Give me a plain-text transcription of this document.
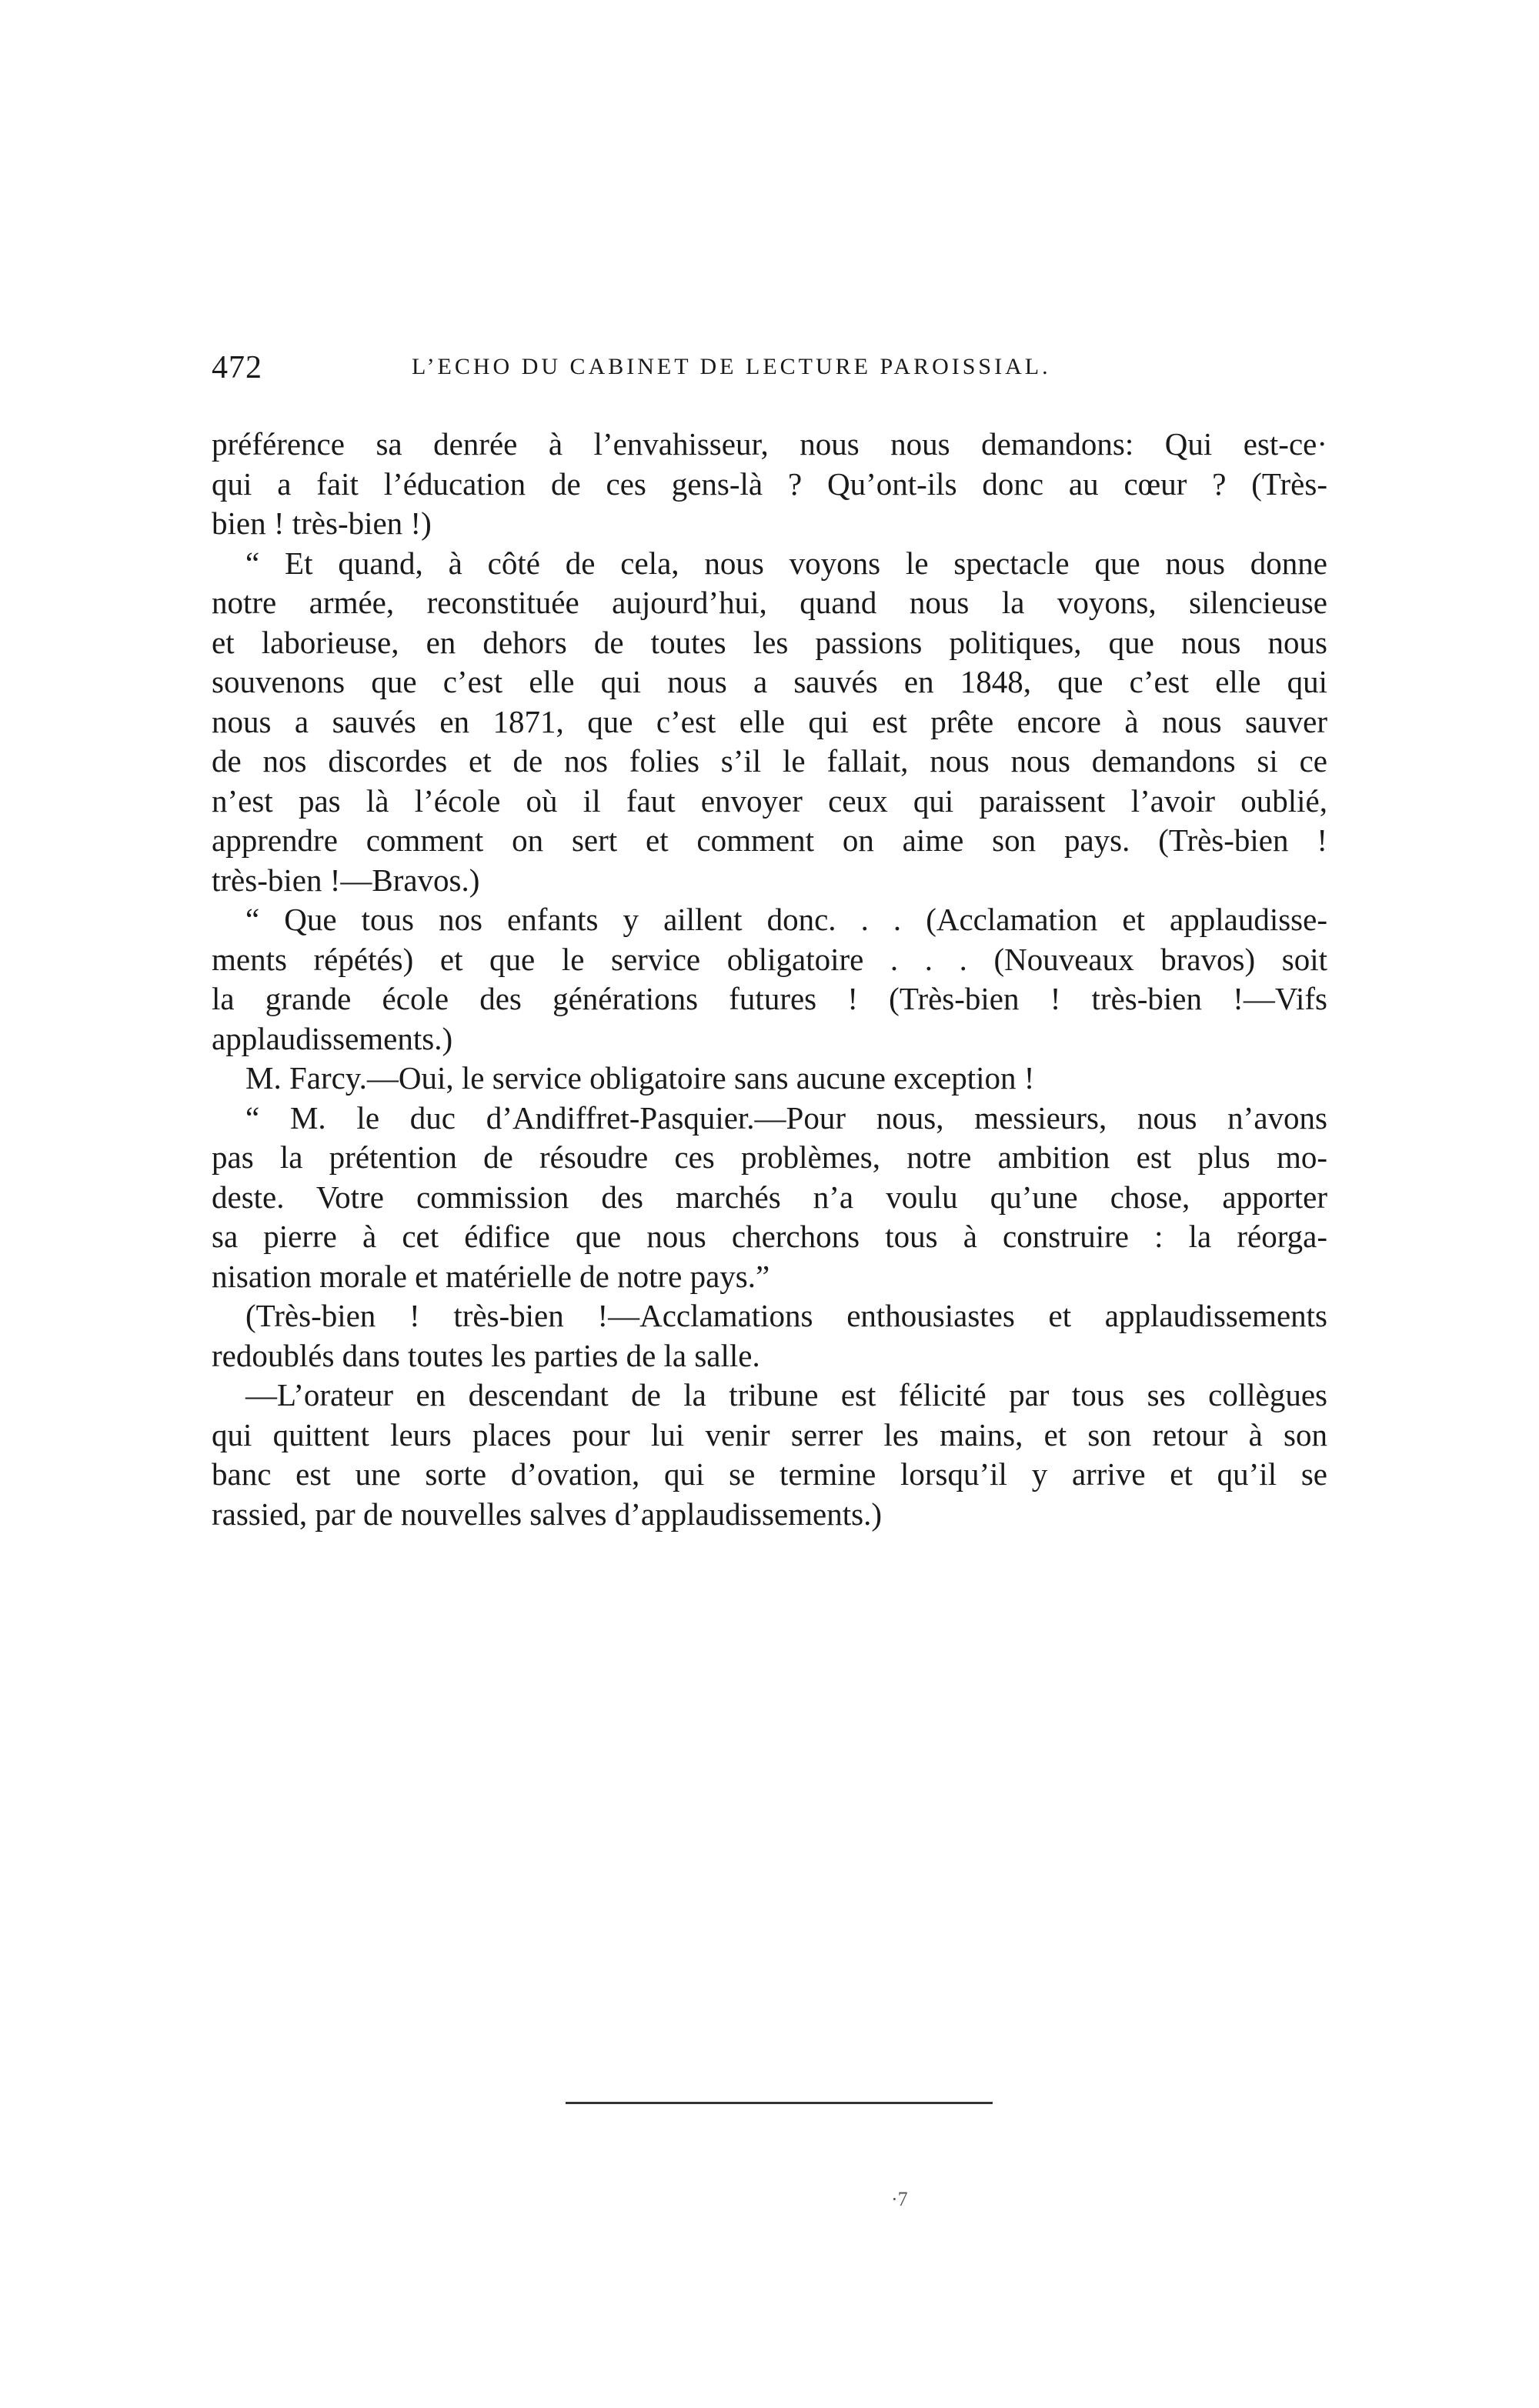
472	L’ECHO DU CABINET DE LECTURE PAROISSIAL.
préférence sa denrée à l’envahisseur, nous nous demandons: Qui est-ce·
qui a fait l’éducation de ces gens-là ? Qu’ont-ils donc au cœur ? (Très-
bien ! très-bien !)
“ Et quand, à côté de cela, nous voyons le spectacle que nous donne
notre armée, reconstituée aujourd’hui, quand nous la voyons, silencieuse
et laborieuse, en dehors de toutes les passions politiques, que nous nous
souvenons que c’est elle qui nous a sauvés en 1848, que c’est elle qui
nous a sauvés en 1871, que c’est elle qui est prête encore à nous sauver
de nos discordes et de nos folies s’il le fallait, nous nous demandons si ce
n’est pas là l’école où il faut envoyer ceux qui paraissent l’avoir oublié,
apprendre comment on sert et comment on aime son pays. (Très-bien !
très-bien !—Bravos.)
“ Que tous nos enfants y aillent donc. . . (Acclamation et applaudisse-
ments répétés) et que le service obligatoire . . . (Nouveaux bravos) soit
la grande école des générations futures ! (Très-bien ! très-bien !—Vifs
applaudissements.)
M. Farcy.—Oui, le service obligatoire sans aucune exception !
“ M. le duc d’Andiffret-Pasquier.—Pour nous, messieurs, nous n’avons
pas la prétention de résoudre ces problèmes, notre ambition est plus mo-
deste. Votre commission des marchés n’a voulu qu’une chose, apporter
sa pierre à cet édifice que nous cherchons tous à construire : la réorga-
nisation morale et matérielle de notre pays.”
(Très-bien ! très-bien !—Acclamations enthousiastes et applaudissements
redoublés dans toutes les parties de la salle.
—L’orateur en descendant de la tribune est félicité par tous ses collègues
qui quittent leurs places pour lui venir serrer les mains, et son retour à son
banc est une sorte d’ovation, qui se termine lorsqu’il y arrive et qu’il se
rassied, par de nouvelles salves d’applaudissements.)
·7
